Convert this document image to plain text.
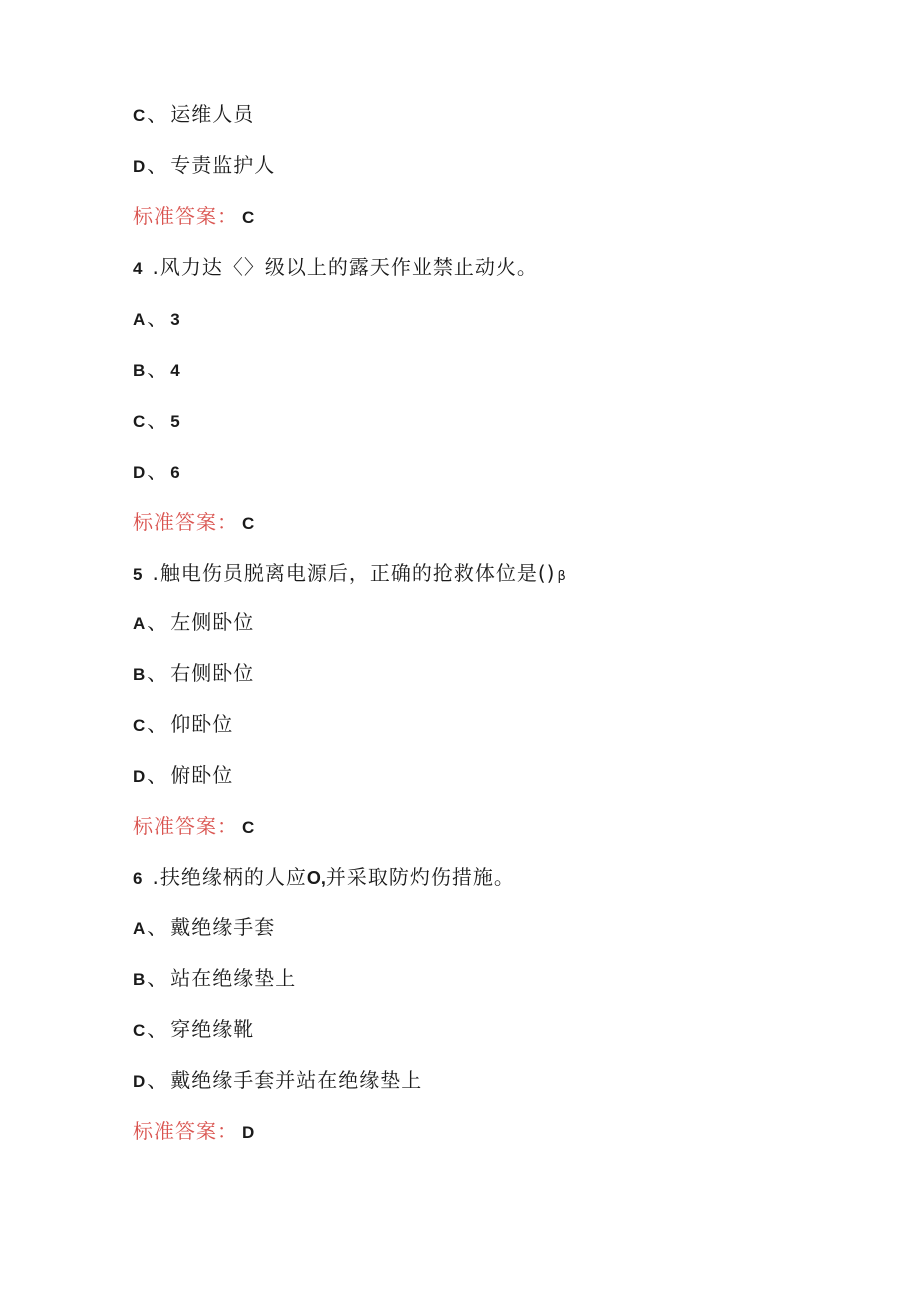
C 、 运维人员
D 、 专责监护人
标准答案： C
4 .风力达〈〉级以上的露天作业禁止动火。
A 、 3
B 、 4
C 、 5
D 、 6
标准答案： C
5 .触电伤员脱离电源后，正确的抢救体位是() β
A 、 左侧卧位
B 、 右侧卧位
C 、 仰卧位
D 、 俯卧位
标准答案： C
6 .扶绝缘柄的人应O,并采取防灼伤措施。
A 、 戴绝缘手套
B 、 站在绝缘垫上
C 、 穿绝缘靴
D 、 戴绝缘手套并站在绝缘垫上
标准答案： D
